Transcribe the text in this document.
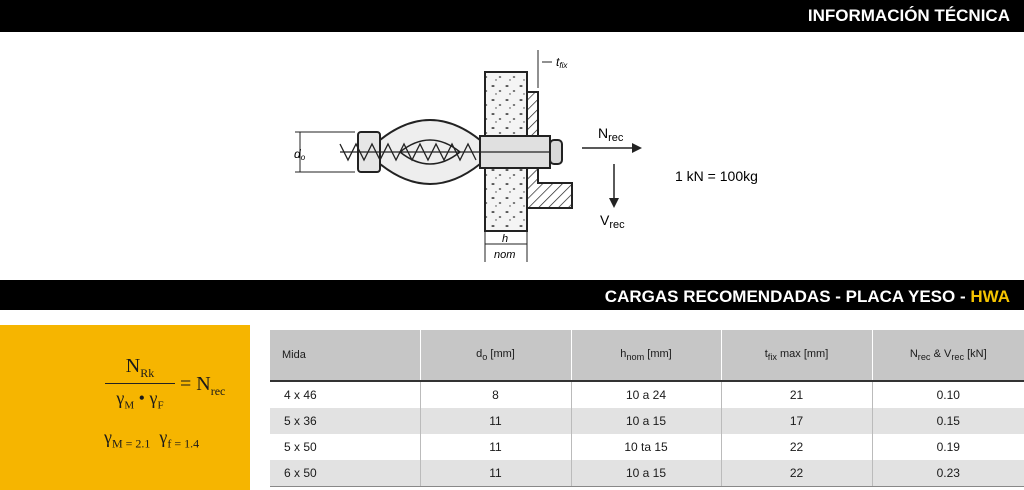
INFORMACIÓN TÉCNICA
do
tfix
h
nom
$N_{rec}$
$V_{rec}$
1 kN = 100kg
CARGAS RECOMENDADAS - PLACA YESO - HWA
$N_{Rk}$
$\gamma_M$ • $\gamma_F$
= $N_{rec}$
$\gamma_{M = 2.1}$ $\gamma_{f = 1.4}$
Mida	$d_o$ [mm]	$h_{nom}$ [mm]	$t_{fix}$ max [mm]	$N_{rec}$ & $V_{rec}$ [kN]
4 x 46	8	10 a 24	21	0.10
5 x 36	11	10 a 15	17	0.15
5 x 50	11	10 ta 15	22	0.19
6 x 50	11	10 a 15	22	0.23
